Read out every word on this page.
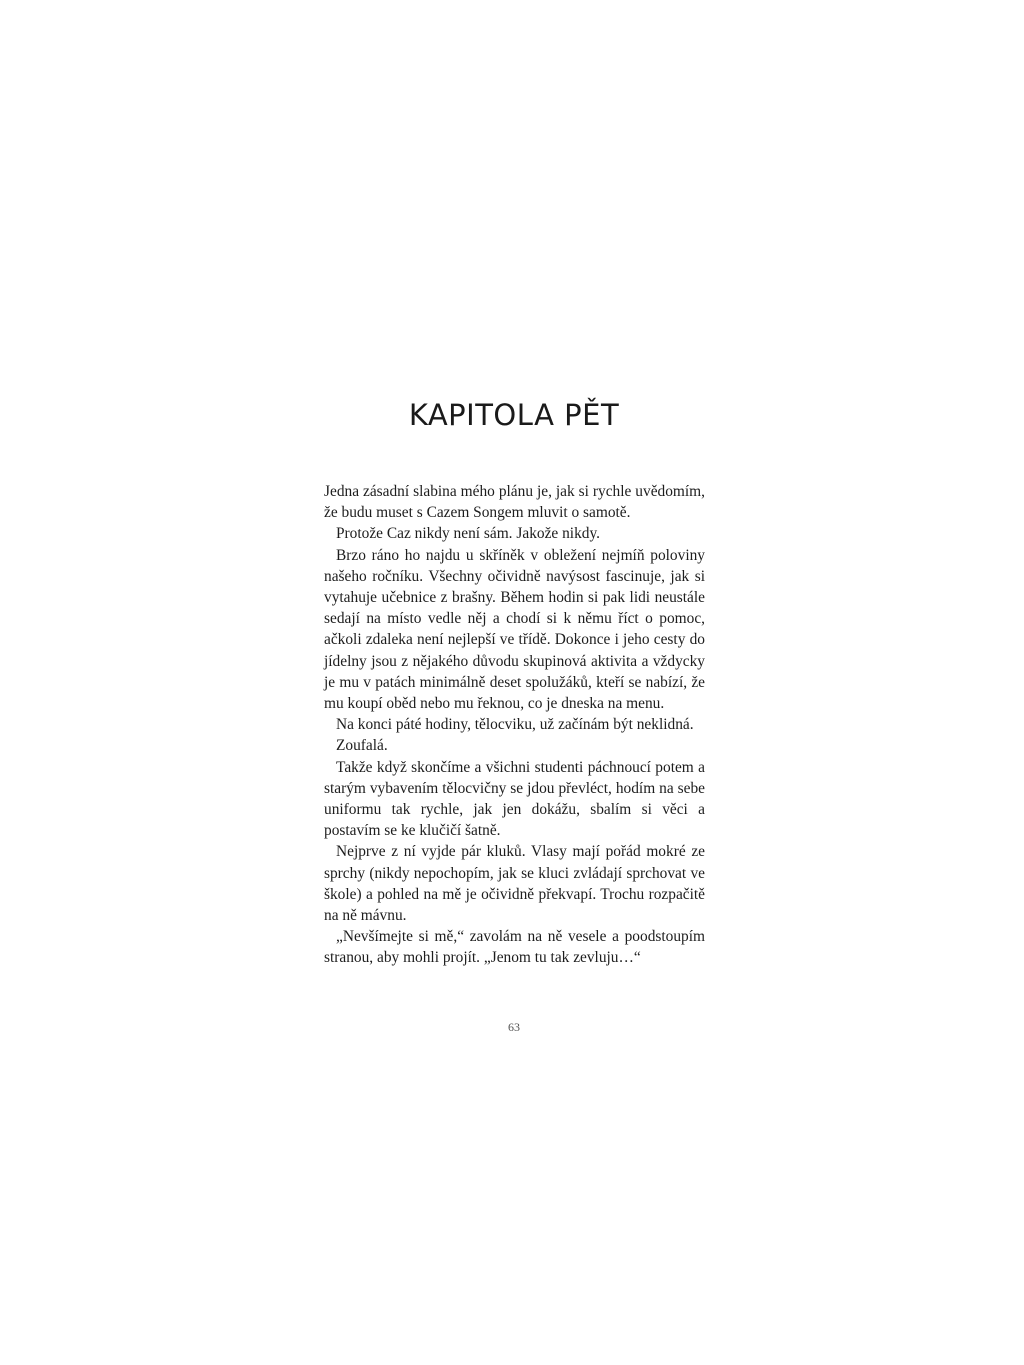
KAPITOLA PĚT

Jedna zásadní slabina mého plánu je, jak si rychle uvědomím, že budu muset s Cazem Songem mluvit o samotě.

Protože Caz nikdy není sám. Jakože nikdy.

Brzo ráno ho najdu u skříněk v obležení nejmíň poloviny našeho ročníku. Všechny očividně navýsost fascinuje, jak si vytahuje učebnice z brašny. Během hodin si pak lidi neustále sedají na místo vedle něj a chodí si k němu říct o pomoc, ačkoli zdaleka není nejlepší ve třídě. Dokonce i jeho cesty do jídelny jsou z nějakého důvodu skupinová aktivita a vždycky je mu v patách minimálně deset spolužáků, kteří se nabízí, že mu koupí oběd nebo mu řeknou, co je dneska na menu.

Na konci páté hodiny, tělocviku, už začínám být neklidná.

Zoufalá.

Takže když skončíme a všichni studenti páchnoucí potem a starým vybavením tělocvičny se jdou převléct, hodím na sebe uniformu tak rychle, jak jen dokážu, sbalím si věci a postavím se ke klučičí šatně.

Nejprve z ní vyjde pár kluků. Vlasy mají pořád mokré ze sprchy (nikdy nepochopím, jak se kluci zvládají sprchovat ve škole) a pohled na mě je očividně překvapí. Trochu rozpačitě na ně mávnu.

„Nevšímejte si mě,“ zavolám na ně vesele a poodstoupím stranou, aby mohli projít. „Jenom tu tak zevluju…“

63
